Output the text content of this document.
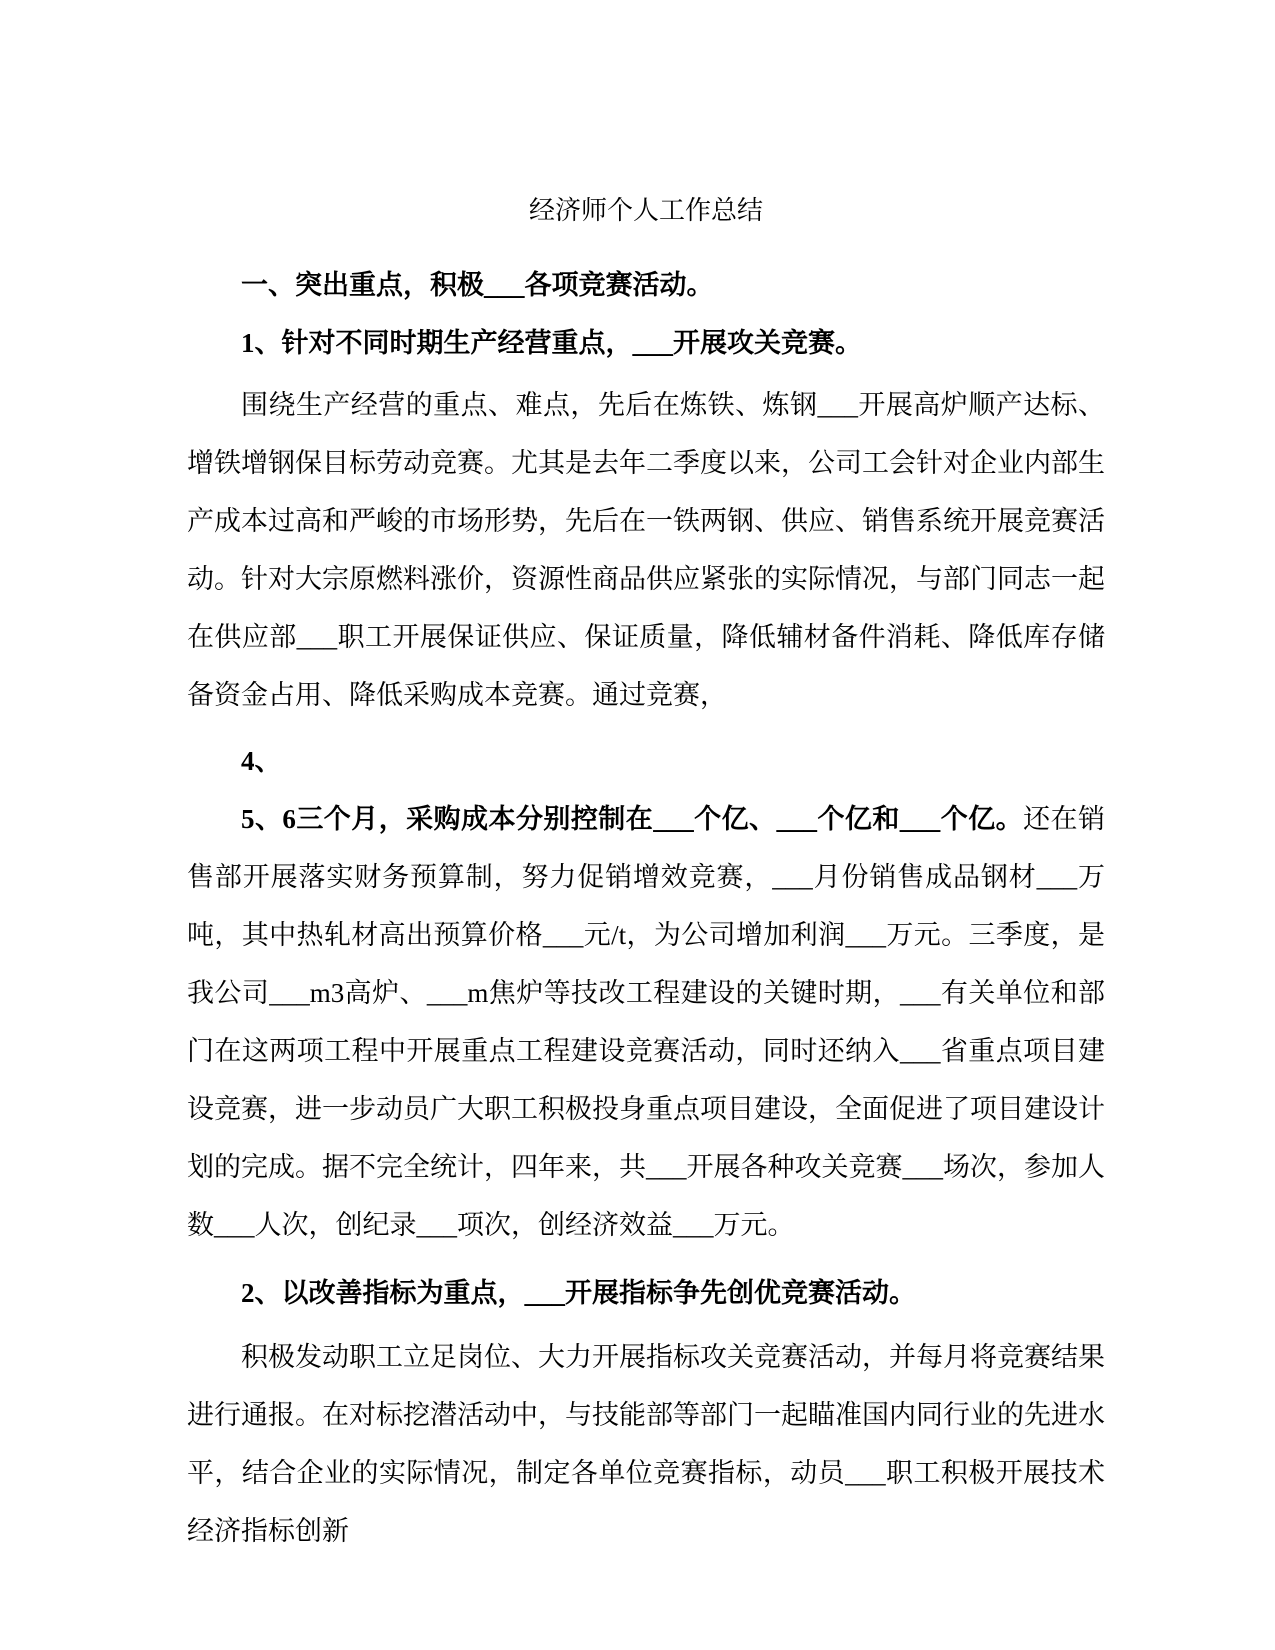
经济师个人工作总结

一、突出重点，积极___各项竞赛活动。

1、针对不同时期生产经营重点，___开展攻关竞赛。

围绕生产经营的重点、难点，先后在炼铁、炼钢___开展高炉顺产达标、增铁增钢保目标劳动竞赛。尤其是去年二季度以来，公司工会针对企业内部生产成本过高和严峻的市场形势，先后在一铁两钢、供应、销售系统开展竞赛活动。针对大宗原燃料涨价，资源性商品供应紧张的实际情况，与部门同志一起在供应部___职工开展保证供应、保证质量，降低辅材备件消耗、降低库存储备资金占用、降低采购成本竞赛。通过竞赛，

4、

5、6三个月，采购成本分别控制在___个亿、___个亿和___个亿。还在销售部开展落实财务预算制，努力促销增效竞赛，___月份销售成品钢材___万吨，其中热轧材高出预算价格___元/t，为公司增加利润___万元。三季度，是我公司___m3高炉、___m焦炉等技改工程建设的关键时期，___有关单位和部门在这两项工程中开展重点工程建设竞赛活动，同时还纳入___省重点项目建设竞赛，进一步动员广大职工积极投身重点项目建设，全面促进了项目建设计划的完成。据不完全统计，四年来，共___开展各种攻关竞赛___场次，参加人数___人次，创纪录___项次，创经济效益___万元。

2、以改善指标为重点，___开展指标争先创优竞赛活动。

积极发动职工立足岗位、大力开展指标攻关竞赛活动，并每月将竞赛结果进行通报。在对标挖潜活动中，与技能部等部门一起瞄准国内同行业的先进水平，结合企业的实际情况，制定各单位竞赛指标，动员___职工积极开展技术经济指标创新
